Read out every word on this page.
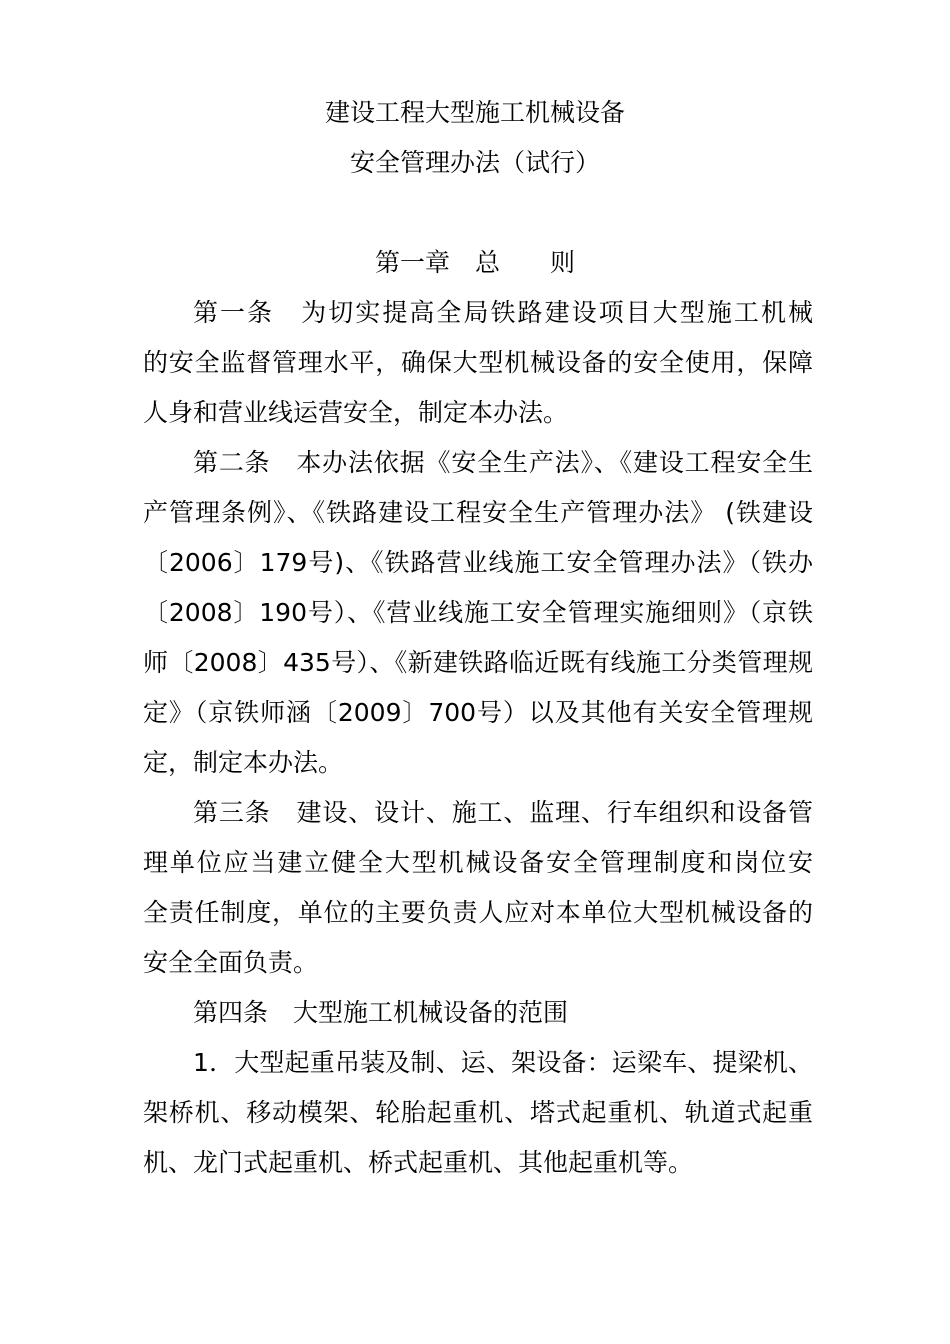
建设工程大型施工机械设备
安全管理办法（试行）
第一章　总　　则
第一条　为切实提高全局铁路建设项目大型施工机械
的安全监督管理水平，确保大型机械设备的安全使用，保障
人身和营业线运营安全，制定本办法。
第二条　本办法依据《安全生产法》、《建设工程安全生
产管理条例》、《铁路建设工程安全生产管理办法》 (铁建设
〔2006〕179号)、《铁路营业线施工安全管理办法》（铁办
〔2008〕190号）、《营业线施工安全管理实施细则》（京铁
师〔2008〕435号）、《新建铁路临近既有线施工分类管理规
定》（京铁师涵〔2009〕700号）以及其他有关安全管理规
定，制定本办法。
第三条　建设、设计、施工、监理、行车组织和设备管
理单位应当建立健全大型机械设备安全管理制度和岗位安
全责任制度，单位的主要负责人应对本单位大型机械设备的
安全全面负责。
第四条　大型施工机械设备的范围
1．大型起重吊装及制、运、架设备：运梁车、提梁机、
架桥机、移动模架、轮胎起重机、塔式起重机、轨道式起重
机、龙门式起重机、桥式起重机、其他起重机等。
